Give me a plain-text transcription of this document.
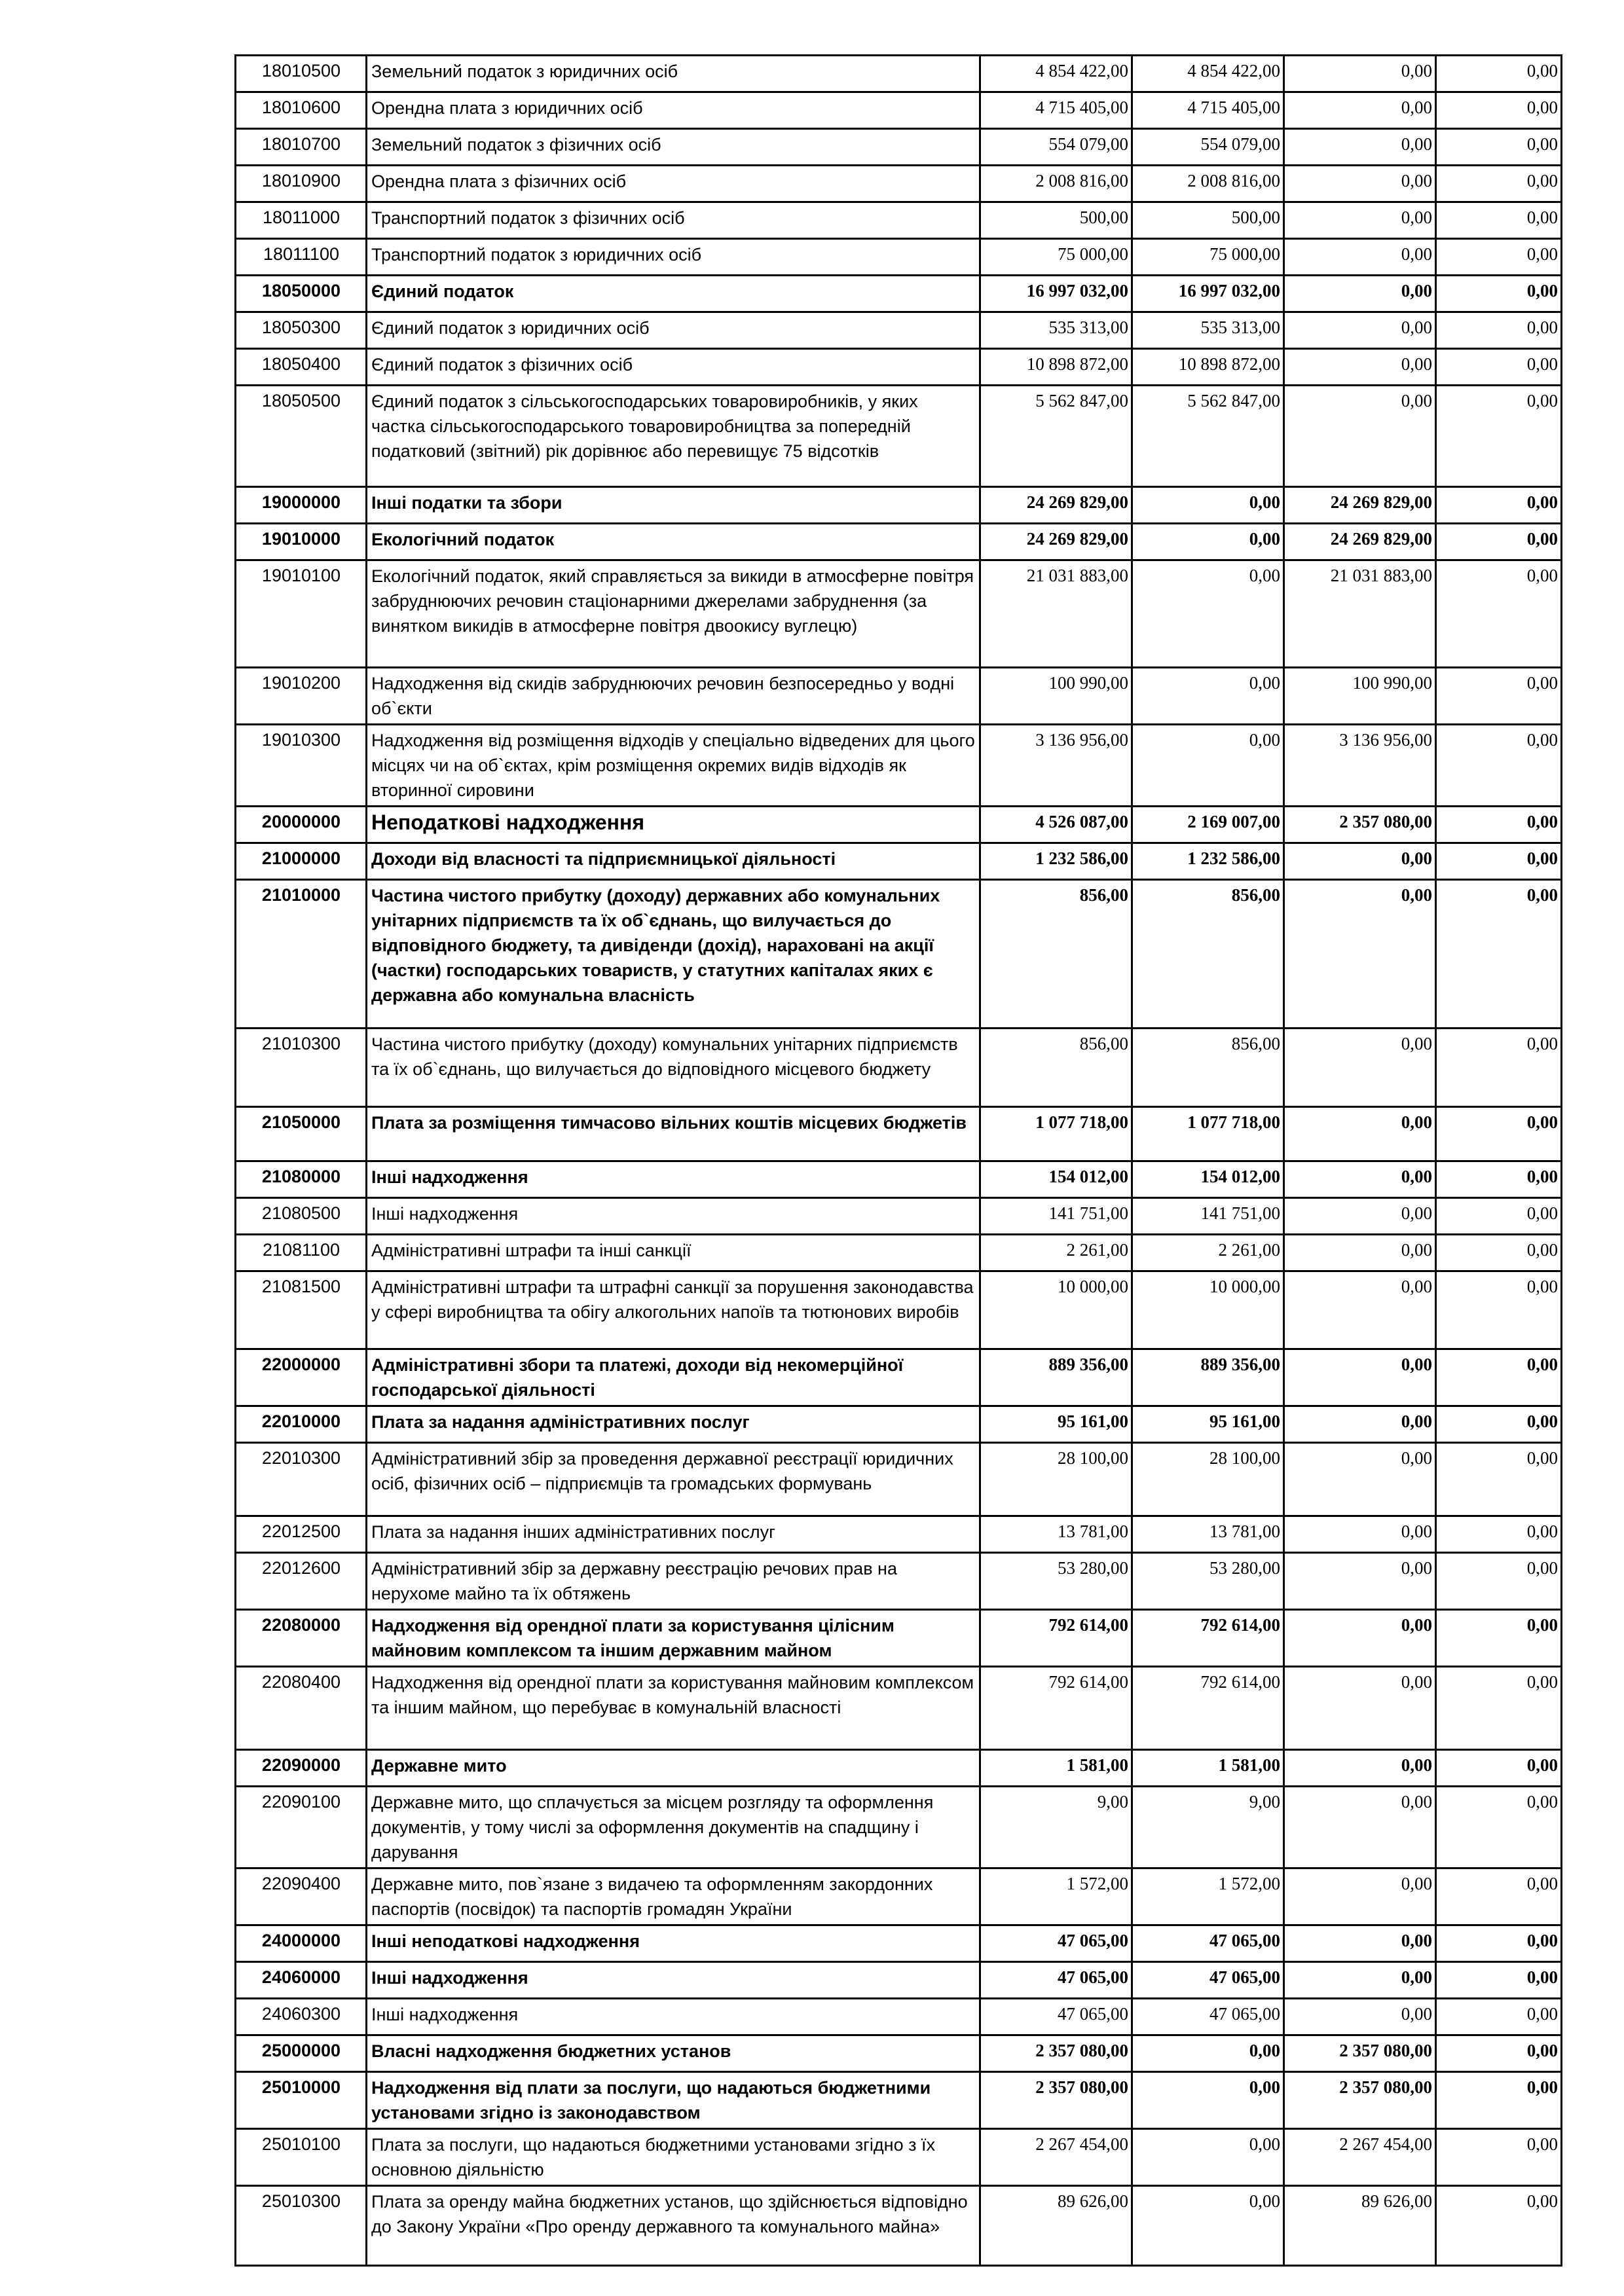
18010500	Земельний податок з юридичних осіб	4 854 422,00	4 854 422,00	0,00	0,00
18010600	Орендна плата з юридичних осіб	4 715 405,00	4 715 405,00	0,00	0,00
18010700	Земельний податок з фізичних осіб	554 079,00	554 079,00	0,00	0,00
18010900	Орендна плата з фізичних осіб	2 008 816,00	2 008 816,00	0,00	0,00
18011000	Транспортний податок з фізичних осіб	500,00	500,00	0,00	0,00
18011100	Транспортний податок з юридичних осіб	75 000,00	75 000,00	0,00	0,00
18050000	Єдиний податок	16 997 032,00	16 997 032,00	0,00	0,00
18050300	Єдиний податок з юридичних осіб	535 313,00	535 313,00	0,00	0,00
18050400	Єдиний податок з фізичних осіб	10 898 872,00	10 898 872,00	0,00	0,00
18050500	Єдиний податок з сільськогосподарських товаровиробників, у яких частка сільськогосподарського товаровиробництва за попередній податковий (звітний) рік дорівнює або перевищує 75 відсотків	5 562 847,00	5 562 847,00	0,00	0,00
19000000	Інші податки та збори	24 269 829,00	0,00	24 269 829,00	0,00
19010000	Екологічний податок	24 269 829,00	0,00	24 269 829,00	0,00
19010100	Екологічний податок, який справляється за викиди в атмосферне повітря забруднюючих речовин стаціонарними джерелами забруднення (за винятком викидів в атмосферне повітря двоокису вуглецю)	21 031 883,00	0,00	21 031 883,00	0,00
19010200	Надходження від скидів забруднюючих речовин безпосередньо у водні об`єкти	100 990,00	0,00	100 990,00	0,00
19010300	Надходження від розміщення відходів у спеціально відведених для цього місцях чи на об`єктах, крім розміщення окремих видів відходів як вторинної сировини	3 136 956,00	0,00	3 136 956,00	0,00
20000000	Неподаткові надходження	4 526 087,00	2 169 007,00	2 357 080,00	0,00
21000000	Доходи від власності та підприємницької діяльності	1 232 586,00	1 232 586,00	0,00	0,00
21010000	Частина чистого прибутку (доходу) державних або комунальних унітарних підприємств та їх об`єднань, що вилучається до відповідного бюджету, та дивіденди (дохід), нараховані на акції (частки) господарських товариств, у статутних капіталах яких є державна або комунальна власність	856,00	856,00	0,00	0,00
21010300	Частина чистого прибутку (доходу) комунальних унітарних підприємств та їх об`єднань, що вилучається до відповідного місцевого бюджету	856,00	856,00	0,00	0,00
21050000	Плата за розміщення тимчасово вільних коштів місцевих бюджетів	1 077 718,00	1 077 718,00	0,00	0,00
21080000	Інші надходження	154 012,00	154 012,00	0,00	0,00
21080500	Інші надходження	141 751,00	141 751,00	0,00	0,00
21081100	Адміністративні штрафи та інші санкції	2 261,00	2 261,00	0,00	0,00
21081500	Адміністративні штрафи та штрафні санкції за порушення законодавства у сфері виробництва та обігу алкогольних напоїв та тютюнових виробів	10 000,00	10 000,00	0,00	0,00
22000000	Адміністративні збори та платежі, доходи від некомерційної господарської діяльності	889 356,00	889 356,00	0,00	0,00
22010000	Плата за надання адміністративних послуг	95 161,00	95 161,00	0,00	0,00
22010300	Адміністративний збір за проведення державної реєстрації юридичних осіб, фізичних осіб – підприємців та громадських формувань	28 100,00	28 100,00	0,00	0,00
22012500	Плата за надання інших адміністративних послуг	13 781,00	13 781,00	0,00	0,00
22012600	Адміністративний збір за державну реєстрацію речових прав на нерухоме майно та їх обтяжень	53 280,00	53 280,00	0,00	0,00
22080000	Надходження від орендної плати за користування цілісним майновим комплексом та іншим державним майном	792 614,00	792 614,00	0,00	0,00
22080400	Надходження від орендної плати за користування майновим комплексом та іншим майном, що перебуває в комунальній власності	792 614,00	792 614,00	0,00	0,00
22090000	Державне мито	1 581,00	1 581,00	0,00	0,00
22090100	Державне мито, що сплачується за місцем розгляду та оформлення документів, у тому числі за оформлення документів на спадщину і дарування	9,00	9,00	0,00	0,00
22090400	Державне мито, пов`язане з видачею та оформленням закордонних паспортів (посвідок) та паспортів громадян України	1 572,00	1 572,00	0,00	0,00
24000000	Інші неподаткові надходження	47 065,00	47 065,00	0,00	0,00
24060000	Інші надходження	47 065,00	47 065,00	0,00	0,00
24060300	Інші надходження	47 065,00	47 065,00	0,00	0,00
25000000	Власні надходження бюджетних установ	2 357 080,00	0,00	2 357 080,00	0,00
25010000	Надходження від плати за послуги, що надаються бюджетними установами згідно із законодавством	2 357 080,00	0,00	2 357 080,00	0,00
25010100	Плата за послуги, що надаються бюджетними установами згідно з їх основною діяльністю	2 267 454,00	0,00	2 267 454,00	0,00
25010300	Плата за оренду майна бюджетних установ, що здійснюється відповідно до Закону України «Про оренду державного та комунального майна»	89 626,00	0,00	89 626,00	0,00
